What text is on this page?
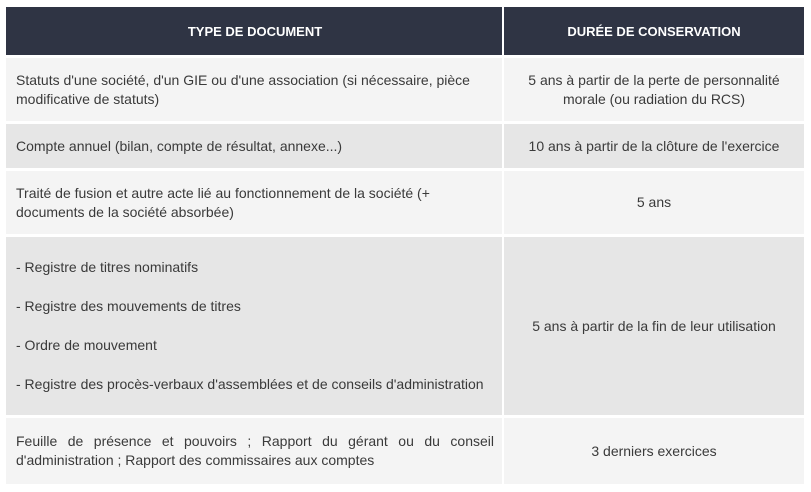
TYPE DE DOCUMENT	DURÉE DE CONSERVATION
Statuts d'une société, d'un GIE ou d'une association (si nécessaire, pièce modificative de statuts)
5 ans à partir de la perte de personnalité morale (ou radiation du RCS)
Compte annuel (bilan, compte de résultat, annexe...)	10 ans à partir de la clôture de l'exercice
Traité de fusion et autre acte lié au fonctionnement de la société (+ documents de la société absorbée)
5 ans

- Registre de titres nominatifs

- Registre des mouvements de titres

- Ordre de mouvement

- Registre des procès-verbaux d'assemblées et de conseils d'administration

5 ans à partir de la fin de leur utilisation
Feuille de présence et pouvoirs ; Rapport du gérant ou du conseil d'administration ; Rapport des commissaires aux comptes
3 derniers exercices
